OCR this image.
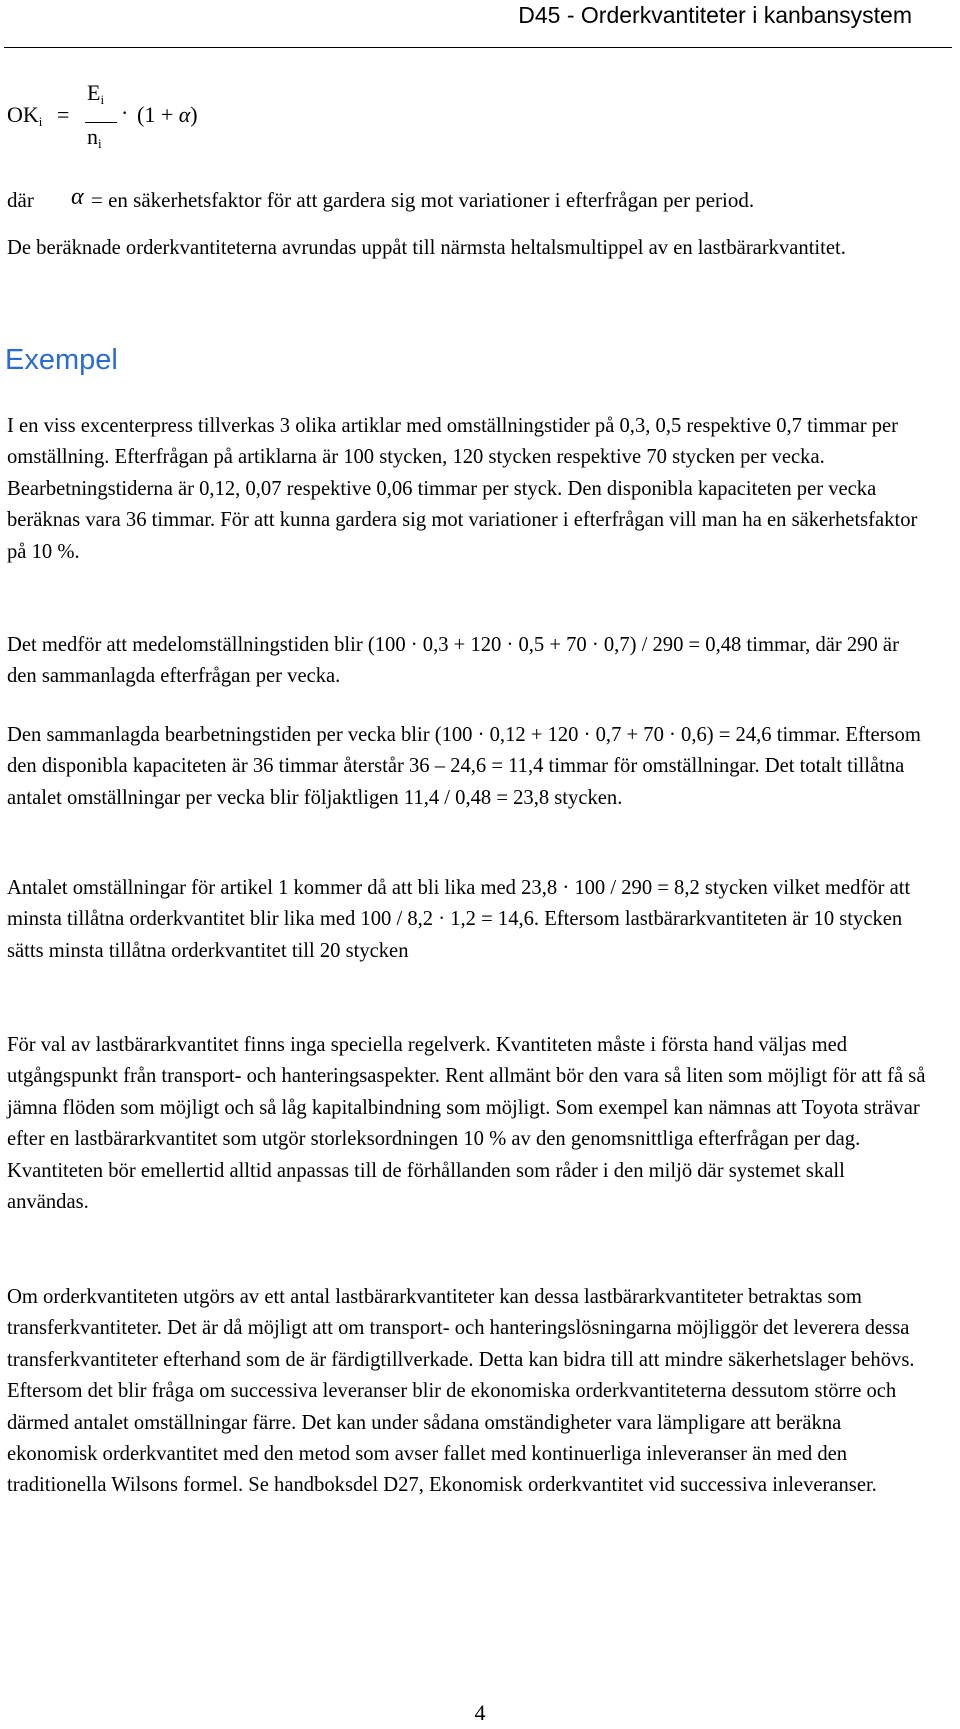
D45 - Orderkvantiteter i kanbansystem
$OK_i$ =
$E_i$
$n_i$
· (1 + α)
där α = en säkerhetsfaktor för att gardera sig mot variationer i efterfrågan per period.

De beräknade orderkvantiteterna avrundas uppåt till närmsta heltalsmultippel av en lastbärarkvantitet.

Exempel

I en viss excenterpress tillverkas 3 olika artiklar med omställningstider på 0,3, 0,5 respektive 0,7 timmar per omställning. Efterfrågan på artiklarna är 100 stycken, 120 stycken respektive 70 stycken per vecka. Bearbetningstiderna är 0,12, 0,07 respektive 0,06 timmar per styck. Den disponibla kapaciteten per vecka beräknas vara 36 timmar. För att kunna gardera sig mot variationer i efterfrågan vill man ha en säkerhetsfaktor på 10 %.

Det medför att medelomställningstiden blir (100 · 0,3 + 120 · 0,5 + 70 · 0,7) / 290 = 0,48 timmar, där 290 är den sammanlagda efterfrågan per vecka.

Den sammanlagda bearbetningstiden per vecka blir (100 · 0,12 + 120 · 0,7 + 70 · 0,6) = 24,6 timmar. Eftersom den disponibla kapaciteten är 36 timmar återstår 36 – 24,6 = 11,4 timmar för omställningar. Det totalt tillåtna antalet omställningar per vecka blir följaktligen 11,4 / 0,48 = 23,8 stycken.

Antalet omställningar för artikel 1 kommer då att bli lika med 23,8 · 100 / 290 = 8,2 stycken vilket medför att minsta tillåtna orderkvantitet blir lika med 100 / 8,2 · 1,2 = 14,6. Eftersom lastbärarkvantiteten är 10 stycken sätts minsta tillåtna orderkvantitet till 20 stycken

För val av lastbärarkvantitet finns inga speciella regelverk. Kvantiteten måste i första hand väljas med utgångspunkt från transport- och hanteringsaspekter. Rent allmänt bör den vara så liten som möjligt för att få så jämna flöden som möjligt och så låg kapitalbindning som möjligt. Som exempel kan nämnas att Toyota strävar efter en lastbärarkvantitet som utgör storleksordningen 10 % av den genomsnittliga efterfrågan per dag. Kvantiteten bör emellertid alltid anpassas till de förhållanden som råder i den miljö där systemet skall användas.

Om orderkvantiteten utgörs av ett antal lastbärarkvantiteter kan dessa lastbärarkvantiteter betraktas som transferkvantiteter. Det är då möjligt att om transport- och hanteringslösningarna möjliggör det leverera dessa transferkvantiteter efterhand som de är färdigtillverkade. Detta kan bidra till att mindre säkerhetslager behövs. Eftersom det blir fråga om successiva leveranser blir de ekonomiska orderkvantiteterna dessutom större och därmed antalet omställningar färre. Det kan under sådana omständigheter vara lämpligare att beräkna ekonomisk orderkvantitet med den metod som avser fallet med kontinuerliga inleveranser än med den traditionella Wilsons formel. Se handboksdel D27, Ekonomisk orderkvantitet vid successiva inleveranser.

4
